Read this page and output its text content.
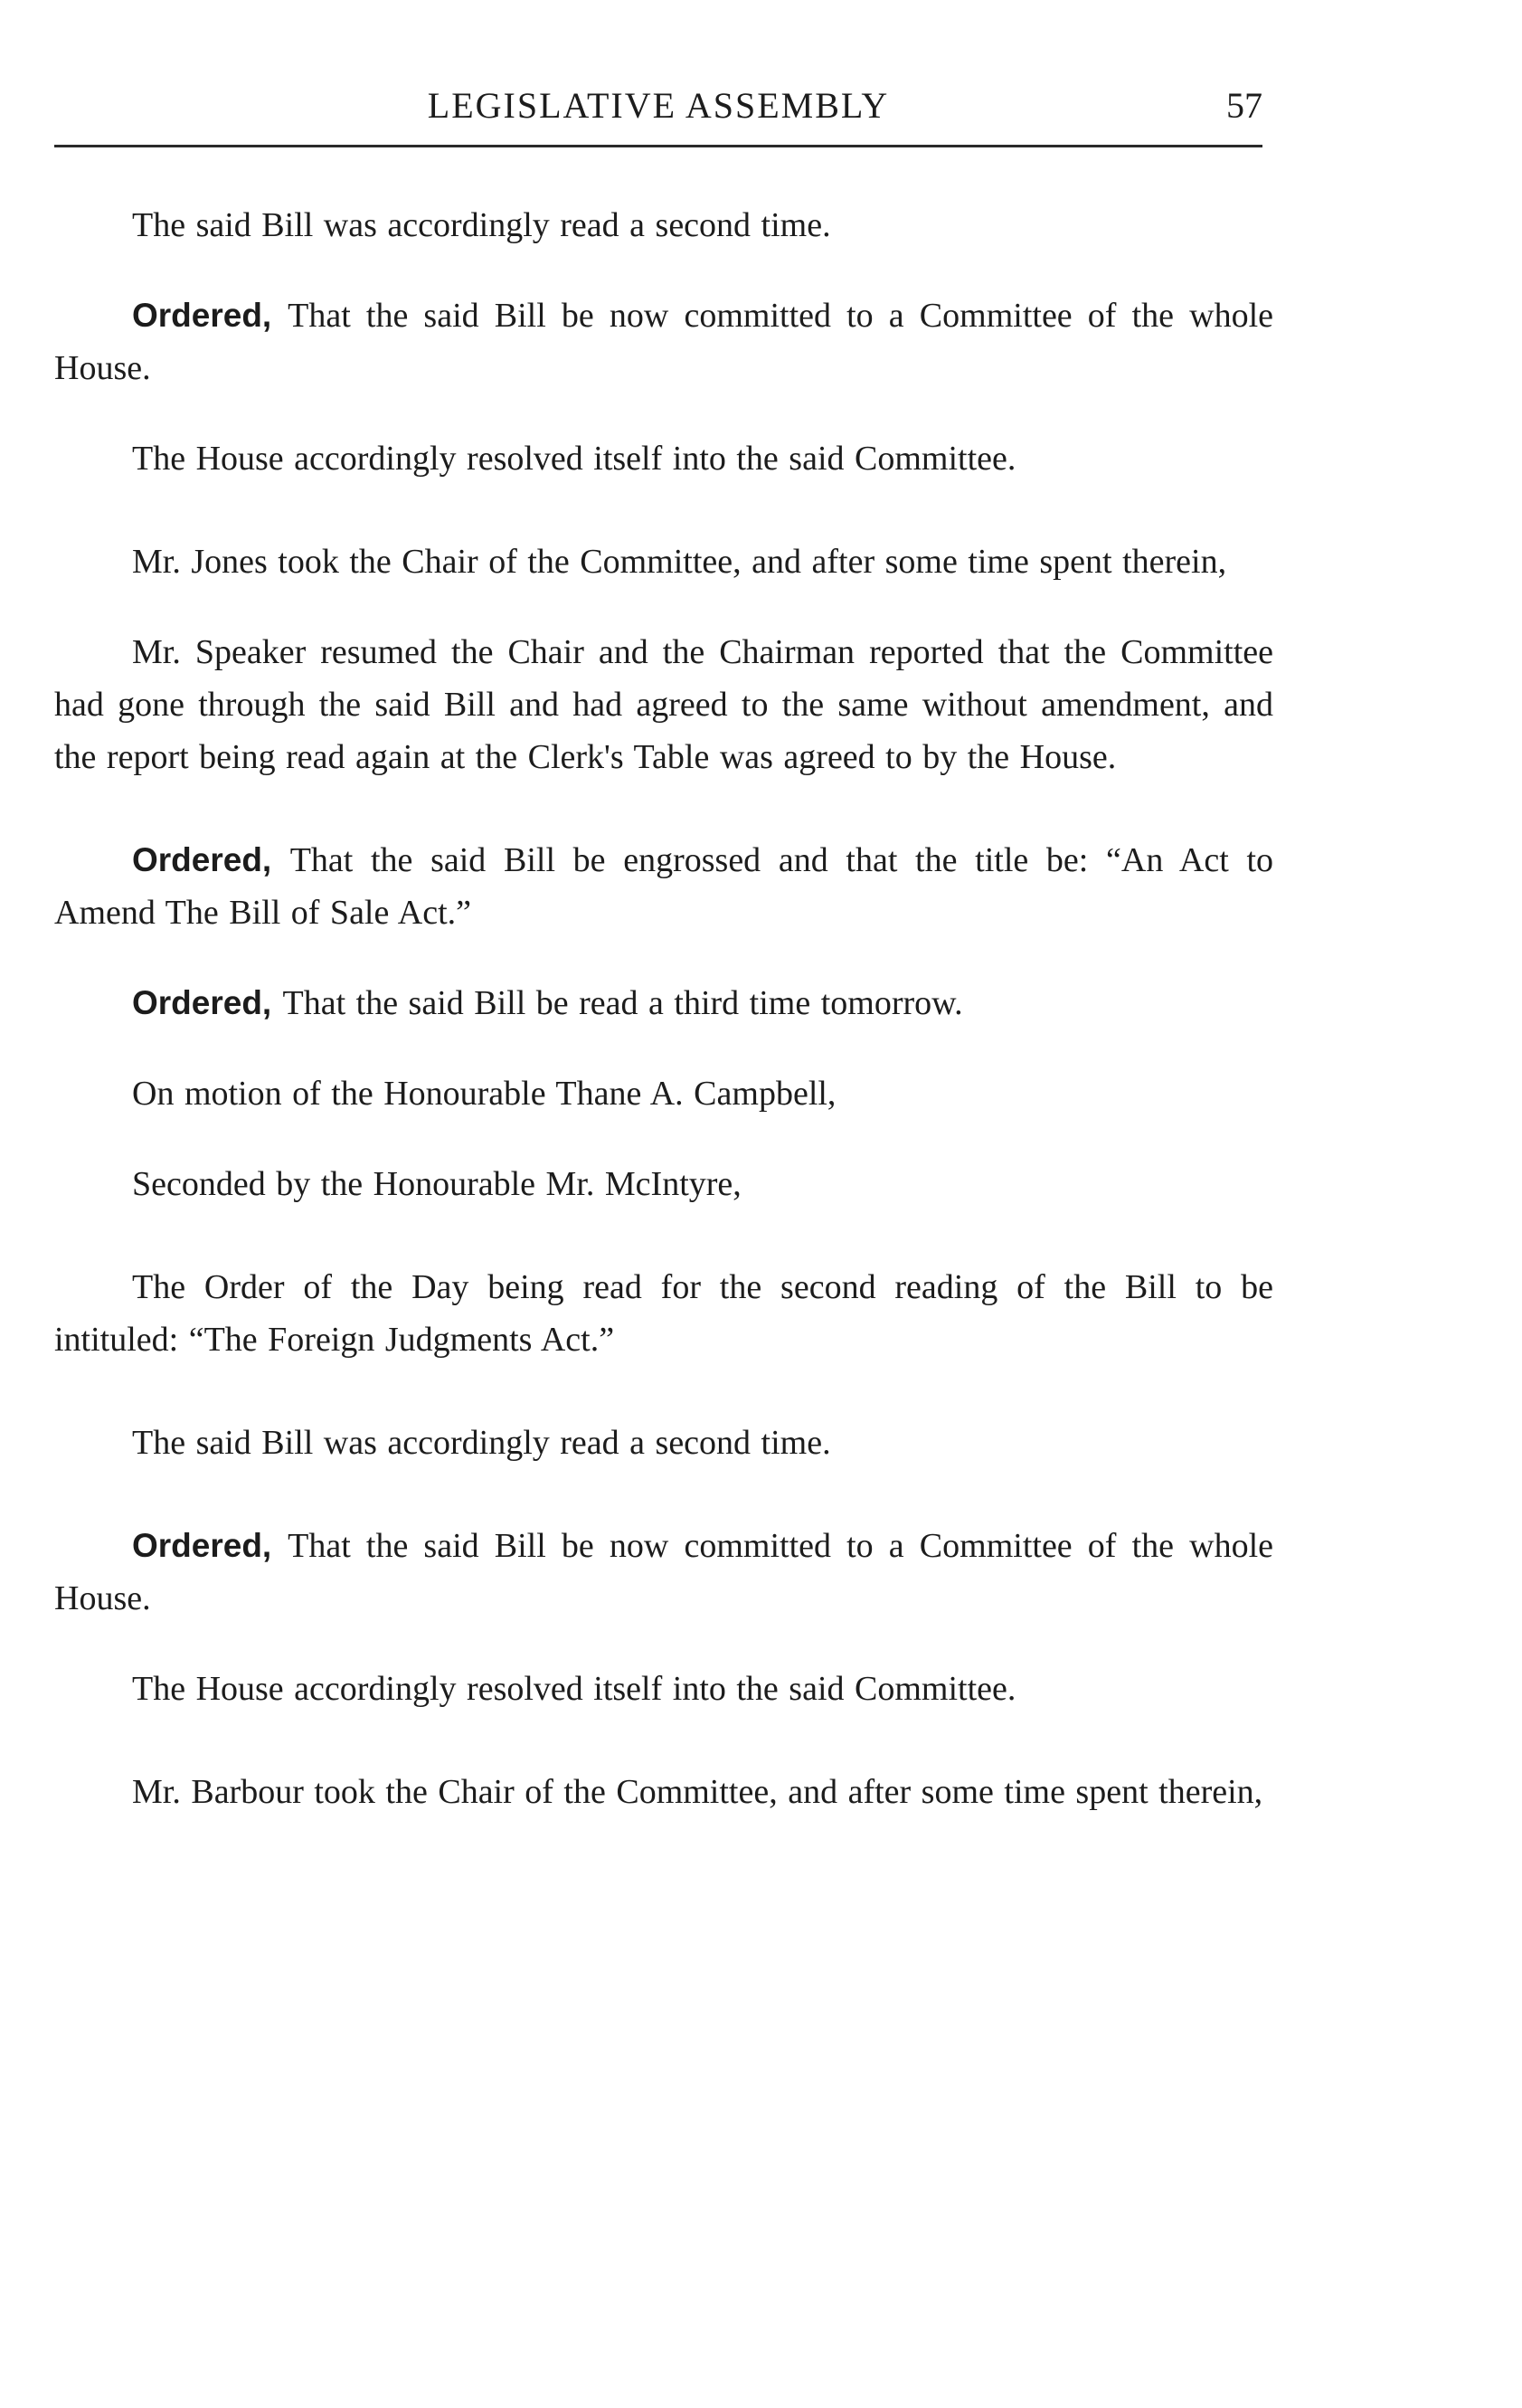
LEGISLATIVE ASSEMBLY	57

The said Bill was accordingly read a second time.

Ordered, That the said Bill be now committed to a Committee of the whole House.

The House accordingly resolved itself into the said Committee.

Mr. Jones took the Chair of the Committee, and after some time spent therein,

Mr. Speaker resumed the Chair and the Chairman reported that the Committee had gone through the said Bill and had agreed to the same without amendment, and the report being read again at the Clerk's Table was agreed to by the House.

Ordered, That the said Bill be engrossed and that the title be: “An Act to Amend The Bill of Sale Act.”

Ordered, That the said Bill be read a third time tomorrow.

On motion of the Honourable Thane A. Campbell,

Seconded by the Honourable Mr. McIntyre,

The Order of the Day being read for the second reading of the Bill to be intituled: “The Foreign Judgments Act.”

The said Bill was accordingly read a second time.

Ordered, That the said Bill be now committed to a Committee of the whole House.

The House accordingly resolved itself into the said Committee.

Mr. Barbour took the Chair of the Committee, and after some time spent therein,
